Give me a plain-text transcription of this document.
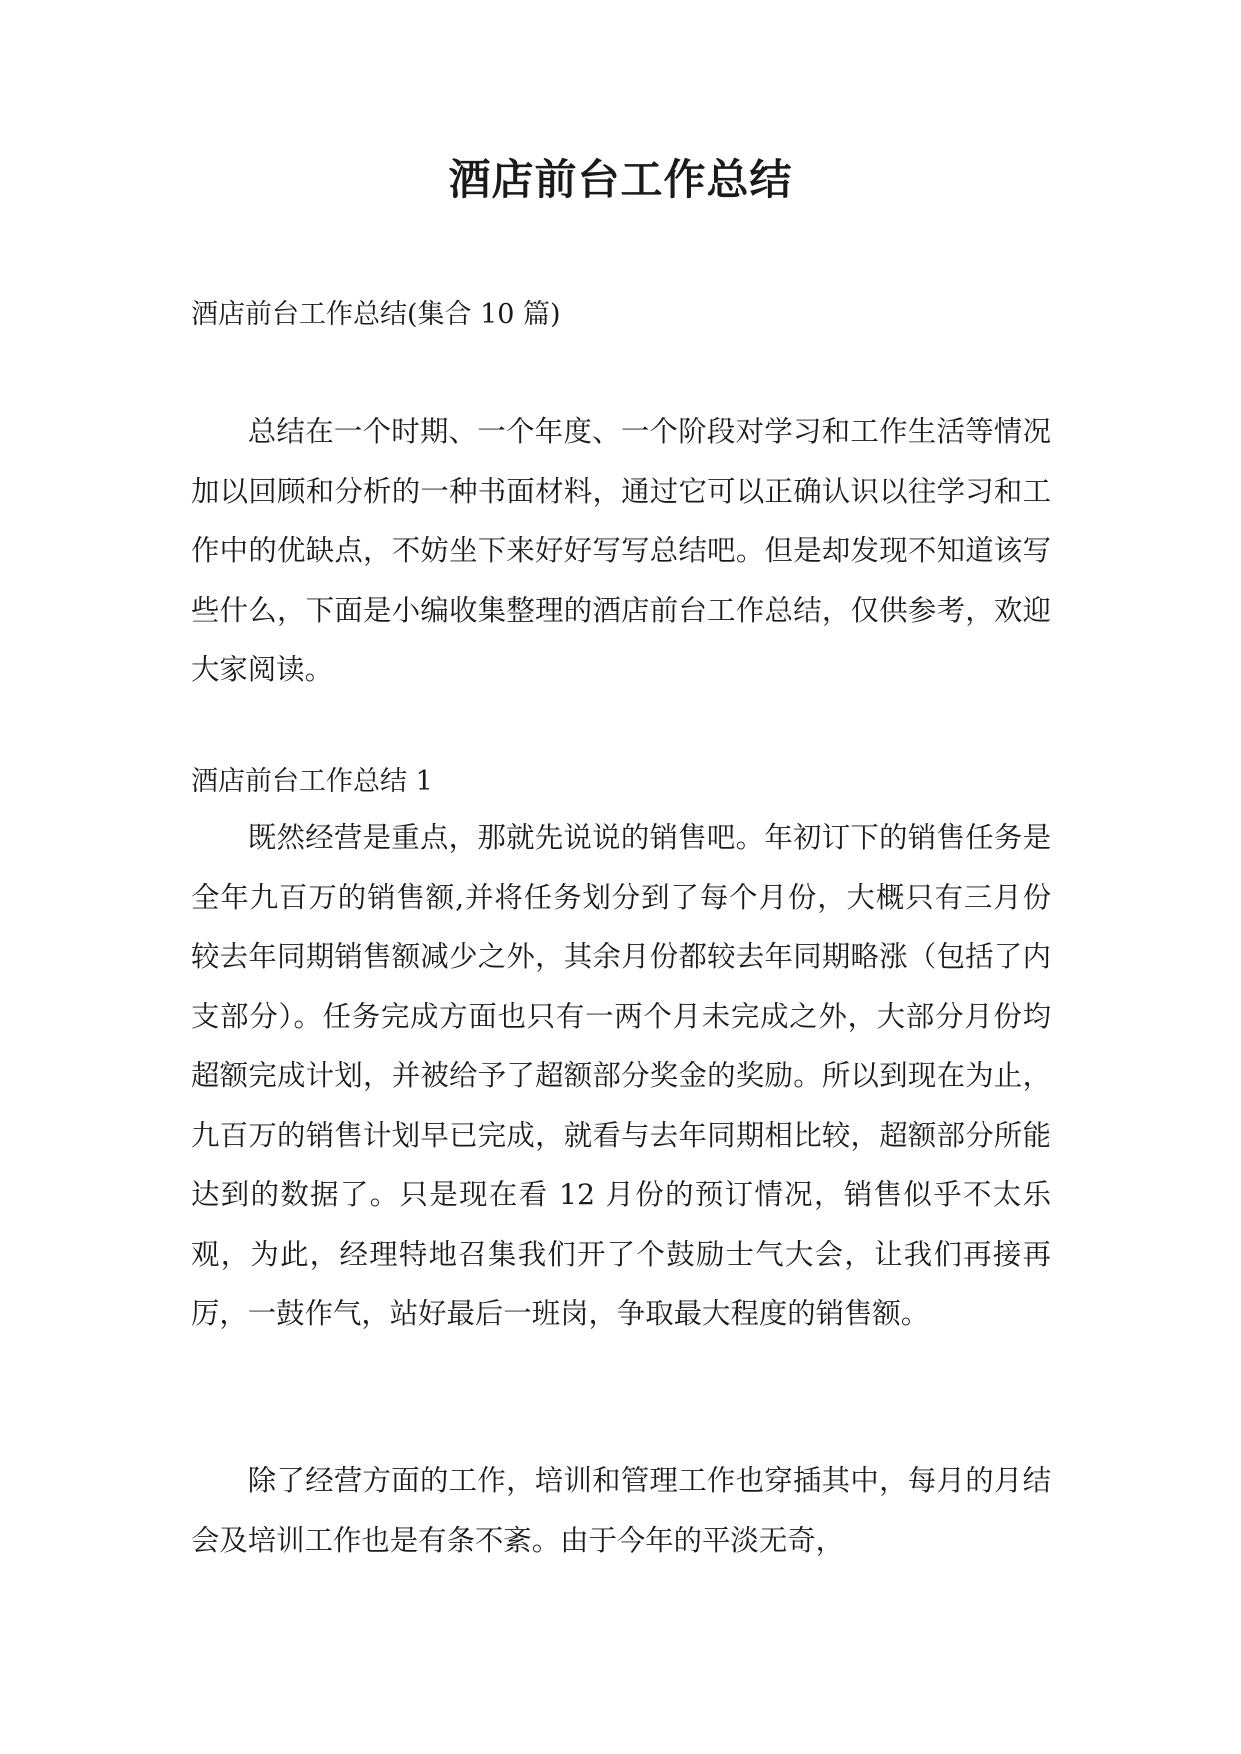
酒店前台工作总结

酒店前台工作总结(集合 10 篇)

总结在一个时期、一个年度、一个阶段对学习和工作生活等情况加以回顾和分析的一种书面材料，通过它可以正确认识以往学习和工作中的优缺点，不妨坐下来好好写写总结吧。但是却发现不知道该写些什么，下面是小编收集整理的酒店前台工作总结，仅供参考，欢迎大家阅读。

酒店前台工作总结 1

既然经营是重点，那就先说说的销售吧。年初订下的销售任务是全年九百万的销售额,并将任务划分到了每个月份，大概只有三月份较去年同期销售额减少之外，其余月份都较去年同期略涨（包括了内支部分）。任务完成方面也只有一两个月未完成之外，大部分月份均超额完成计划，并被给予了超额部分奖金的奖励。所以到现在为止，九百万的销售计划早已完成，就看与去年同期相比较，超额部分所能达到的数据了。只是现在看 12 月份的预订情况，销售似乎不太乐观，为此，经理特地召集我们开了个鼓励士气大会，让我们再接再厉，一鼓作气，站好最后一班岗，争取最大程度的销售额。

除了经营方面的工作，培训和管理工作也穿插其中，每月的月结会及培训工作也是有条不紊。由于今年的平淡无奇，
